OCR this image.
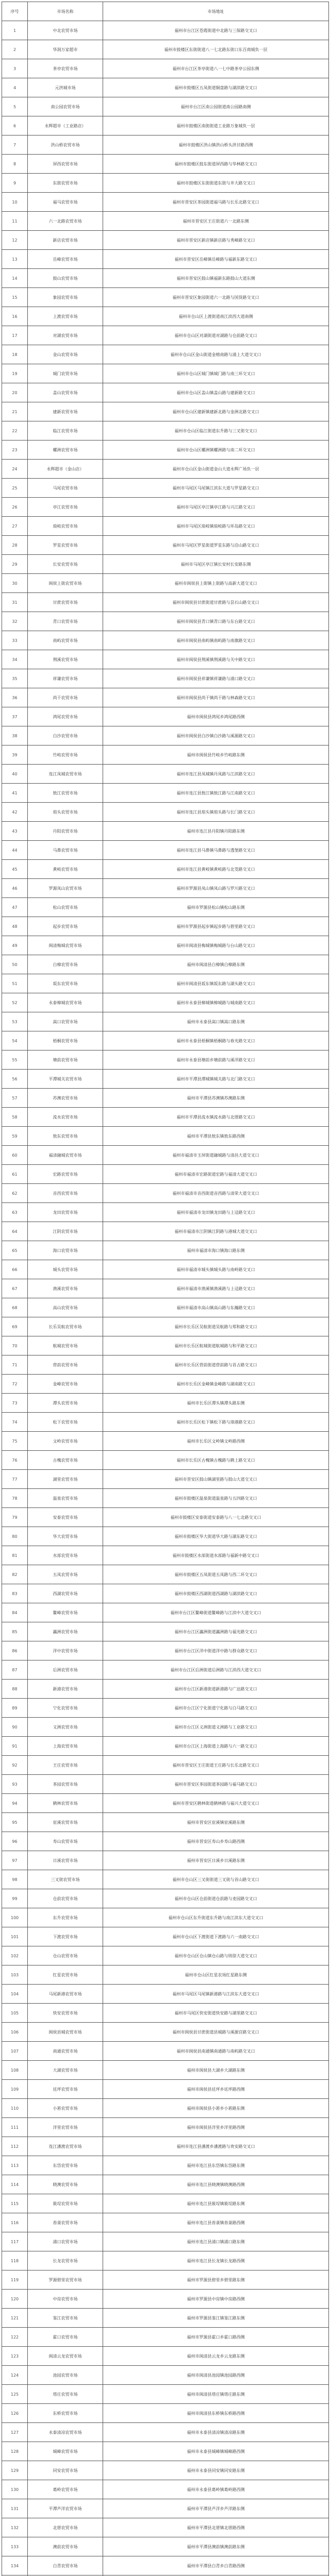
序号	市场名称	市场地址
1	中北农贸市场	福州市台江区苍霞街道中北路与三保路交叉口
2	华润万家超市	福州市鼓楼区东街街道八一七北路东街口东百商城负一层
3	茶亭农贸市场	福州市台江区茶亭街道八一七中路茶亭公园东侧
4	元洪城市场	福州市鼓楼区五凤街道铜盘路与湖滨路交叉口
5	南公园农贸市场	福州市台江区南公园街道南公园路南侧
6	永辉超市（工业路店）	福州市鼓楼区南街街道工业路万象城负一层
7	洪山桥农贸市场	福州市鼓楼区洪山镇洪山桥头洪甘路西侧
8	屏西农贸市场	福州市鼓楼区鼓东街道屏西路与华林路交叉口
9	东街农贸市场	福州市鼓楼区东街街道东街与井大路交叉口
10	福马农贸市场	福州市晋安区茶园街道福马路与长乐北路交叉口
11	六一北路农贸市场	福州市晋安区王庄街道六一北路东侧
12	新店农贸市场	福州市晋安区新店镇新店路与秀峰路交叉口
13	岳峰农贸市场	福州市晋安区岳峰镇岳峰路与福新东路交叉口
14	鼓山农贸市场	福州市晋安区鼓山镇福新东路鼓山大道东侧
15	象园农贸市场	福州市晋安区象园街道六一北路与国货路交叉口
16	上渡农贸市场	福州市仓山区上渡街道南江滨西大道南侧
17	对湖农贸市场	福州市仓山区对湖街道对湖路与仓前路交叉口
18	金山农贸市场	福州市仓山区金山街道金榕南路与浦上大道交叉口
19	城门农贸市场	福州市仓山区城门镇城门路与南三环交叉口
20	盖山农贸市场	福州市仓山区盖山镇盖山路与建新路交叉口
21	建新农贸市场	福州市仓山区建新镇建新北路与金洲北路交叉口
22	临江农贸市场	福州市仓山区临江街道东升路与三叉街交叉口
23	螺洲农贸市场	福州市仓山区螺洲镇螺洲路与南二环交叉口
24	永辉超市（金山店）	福州市仓山区金山街道金山大道永辉广场负一层
25	马尾农贸市场	福州市马尾区马尾镇江滨东大道与罗星路交叉口
26	亭江农贸市场	福州市马尾区亭江镇亭江路与兴江路交叉口
27	琅岐农贸市场	福州市马尾区琅岐镇琅岐路与环岛路交叉口
28	罗星农贸市场	福州市马尾区罗星街道罗星东路与沿山路交叉口
29	长安农贸市场	福州市马尾区亭江镇长安村长安路东侧
30	闽侯上街农贸市场	福州市闽侯县上街镇上街路与高新大道交叉口
31	甘蔗农贸市场	福州市闽侯县甘蔗街道甘蔗路与昙石山路交叉口
32	青口农贸市场	福州市闽侯县青口镇青口路与东台路交叉口
33	南屿农贸市场	福州市闽侯县南屿镇南屿路与南旗路交叉口
34	荆溪农贸市场	福州市闽侯县荆溪镇荆溪路与关中路交叉口
35	祥谦农贸市场	福州市闽侯县祥谦镇祥谦路与浦口路交叉口
36	尚干农贸市场	福州市闽侯县尚干镇尚干路与林森路交叉口
37	鸿尾农贸市场	福州市闽侯县鸿尾乡鸿尾路西侧
38	白沙农贸市场	福州市闽侯县白沙镇白沙路与溪源路交叉口
39	竹岐农贸市场	福州市闽侯县竹岐乡竹岐路东侧
40	连江凤城农贸市场	福州市连江县凤城镇丹凤路与江滨路交叉口
41	敖江农贸市场	福州市连江县敖江镇敖江路与江南路交叉口
42	琯头农贸市场	福州市连江县琯头镇琯头路与长门路交叉口
43	丹阳农贸市场	福州市连江县丹阳镇丹阳路东侧
44	马鼻农贸市场	福州市连江县马鼻镇马鼻路与透堡路交叉口
45	黄岐农贸市场	福州市连江县黄岐镇黄岐路与北茭路交叉口
46	罗源凤山农贸市场	福州市罗源县凤山镇凤山路与罗川路交叉口
47	松山农贸市场	福州市罗源县松山镇松山路东侧
48	起步农贸市场	福州市罗源县起步镇起步路与碧里路交叉口
49	闽清梅城农贸市场	福州市闽清县梅城镇梅城路与台山路交叉口
50	白樟农贸市场	福州市闽清县白樟镇白樟路东侧
51	坂东农贸市场	福州市闽清县坂东镇坂东路与湖头路交叉口
52	永泰樟城农贸市场	福州市永泰县樟城镇樟城路与城南路交叉口
53	嵩口农贸市场	福州市永泰县嵩口镇嵩口路东侧
54	梧桐农贸市场	福州市永泰县梧桐镇梧桐路与春光路交叉口
55	塘前农贸市场	福州市永泰县塘前乡塘前路与溪洋路交叉口
56	平潭城关农贸市场	福州市平潭县潭城镇城关路与北门路交叉口
57	苏澳农贸市场	福州市平潭县苏澳镇苏澳路东侧
58	流水农贸市场	福州市平潭县流水镇流水路与北厝路交叉口
59	敖东农贸市场	福州市平潭县敖东镇敖东路西侧
60	福清融城农贸市场	福州市福清市玉屏街道融城路与清昌大道交叉口
61	宏路农贸市场	福州市福清市宏路街道宏路与福清大道交叉口
62	音西农贸市场	福州市福清市音西街道音西路与清荣大道交叉口
63	龙田农贸市场	福州市福清市龙田镇龙田路与上迳路交叉口
64	江阴农贸市场	福州市福清市江阴镇江阴路与港城大道交叉口
65	海口农贸市场	福州市福清市海口镇海口路东侧
66	城头农贸市场	福州市福清市城头镇城头路与南岭路交叉口
67	渔溪农贸市场	福州市福清市渔溪镇渔溪路与上迳路交叉口
68	高山农贸市场	福州市福清市高山镇高山路与东瀚路交叉口
69	长乐吴航农贸市场	福州市长乐区吴航街道吴航路与郑和路交叉口
70	航城农贸市场	福州市长乐区航城街道航城路与和平路交叉口
71	营前农贸市场	福州市长乐区营前街道营前路与首占路交叉口
72	金峰农贸市场	福州市长乐区金峰镇金峰路与湖南路交叉口
73	潭头农贸市场	福州市长乐区潭头镇潭头路东侧
74	松下农贸市场	福州市长乐区松下镇松下路与漳港路交叉口
75	文岭农贸市场	福州市长乐区文岭镇文岭路西侧
76	古槐农贸市场	福州市长乐区古槐镇古槐路与鹤上路交叉口
77	湖里农贸市场	福州市晋安区鼓山镇湖里路与鼓山大道交叉口
78	温泉农贸市场	福州市鼓楼区温泉街道温泉路与五四路交叉口
79	安泰农贸市场	福州市鼓楼区安泰街道安泰路与八一七北路交叉口
80	华大农贸市场	福州市鼓楼区华大街道华大路与湖东路交叉口
81	水部农贸市场	福州市鼓楼区水部街道水部路与福新中路交叉口
82	五凤农贸市场	福州市鼓楼区五凤街道五凤路与西二环交叉口
83	西湖农贸市场	福州市鼓楼区西湖街道西湖路与湖滨路交叉口
84	鳌峰农贸市场	福州市台江区鳌峰街道鳌峰路与江滨中大道交叉口
85	瀛洲农贸市场	福州市台江区瀛洲街道瀛洲路与福光路交叉口
86	洋中农贸市场	福州市台江区洋中街道洋中路与群众路交叉口
87	后洲农贸市场	福州市台江区后洲街道后洲路与江滨西大道交叉口
88	新港农贸市场	福州市台江区新港街道新港路与广达路交叉口
89	宁化农贸市场	福州市台江区宁化街道宁化路与白马路交叉口
90	义洲农贸市场	福州市台江区义洲街道义洲路与工业路交叉口
91	上海农贸市场	福州市台江区上海街道上海路与六一路交叉口
92	王庄农贸市场	福州市晋安区王庄街道王庄路与长乐北路交叉口
93	茶园农贸市场	福州市晋安区茶园街道茶园路与福马路交叉口
94	鹤林农贸市场	福州市晋安区鹤林街道鹤林路与福兴大道交叉口
95	宦溪农贸市场	福州市晋安区宦溪镇宦溪路东侧
96	寿山农贸市场	福州市晋安区寿山乡寿山路西侧
97	日溪农贸市场	福州市晋安区日溪乡日溪路东侧
98	三叉街农贸市场	福州市仓山区三叉街街道三叉街与首山路交叉口
99	仓前农贸市场	福州市仓山区仓前街道仓前路与麦园路交叉口
100	东升农贸市场	福州市仓山区东升街道东升路与南江滨东大道交叉口
101	下渡农贸市场	福州市仓山区下渡街道下渡路与六一南路交叉口
102	仓山农贸市场	福州市仓山区仓山镇仓山路与则徐大道交叉口
103	红星农贸市场	福州市仓山区红星农场红星路东侧
104	马尾新港农贸市场	福州市马尾区马尾镇新港路与江滨东大道交叉口
105	快安农贸市场	福州市马尾区快安街道快安路与湖里路交叉口
106	闽侯县城农贸市场	福州市闽侯县甘蔗街道县城路与溪源宫路交叉口
107	南通农贸市场	福州市闽侯县南通镇南通路与南屿路交叉口
108	大湖农贸市场	福州市闽侯县大湖乡大湖路东侧
109	廷坪农贸市场	福州市闽侯县廷坪乡廷坪路西侧
110	小箬农贸市场	福州市闽侯县小箬乡小箬路东侧
111	洋里农贸市场	福州市闽侯县洋里乡洋里路西侧
112	连江潘渡农贸市场	福州市连江县潘渡乡潘渡路与贵安路交叉口
113	东岱农贸市场	福州市连江县东岱镇东岱路东侧
114	晓澳农贸市场	福州市连江县晓澳镇晓澳路西侧
115	筱埕农贸市场	福州市连江县筱埕镇筱埕路东侧
116	苔菉农贸市场	福州市连江县苔菉镇苔菉路西侧
117	浦口农贸市场	福州市连江县浦口镇浦口路东侧
118	长龙农贸市场	福州市连江县长龙镇长龙路西侧
119	罗源碧里农贸市场	福州市罗源县碧里乡碧里路东侧
120	中房农贸市场	福州市罗源县中房镇中房路西侧
121	鉴江农贸市场	福州市罗源县鉴江镇鉴江路东侧
122	霍口农贸市场	福州市罗源县霍口乡霍口路西侧
123	闽清云龙农贸市场	福州市闽清县云龙乡云龙路东侧
124	池园农贸市场	福州市闽清县池园镇池园路西侧
125	塔庄农贸市场	福州市闽清县塔庄镇塔庄路东侧
126	东桥农贸市场	福州市闽清县东桥镇东桥路西侧
127	永泰清凉农贸市场	福州市永泰县清凉镇清凉路东侧
128	城峰农贸市场	福州市永泰县城峰镇城峰路西侧
129	同安农贸市场	福州市永泰县同安镇同安路东侧
130	葛岭农贸市场	福州市永泰县葛岭镇葛岭路西侧
131	平潭芦洋农贸市场	福州市平潭县芦洋乡芦洋路东侧
132	北厝农贸市场	福州市平潭县北厝镇北厝路西侧
133	澳前农贸市场	福州市平潭县澳前镇澳前路东侧
134	白青农贸市场	福州市平潭县白青乡白青路西侧
